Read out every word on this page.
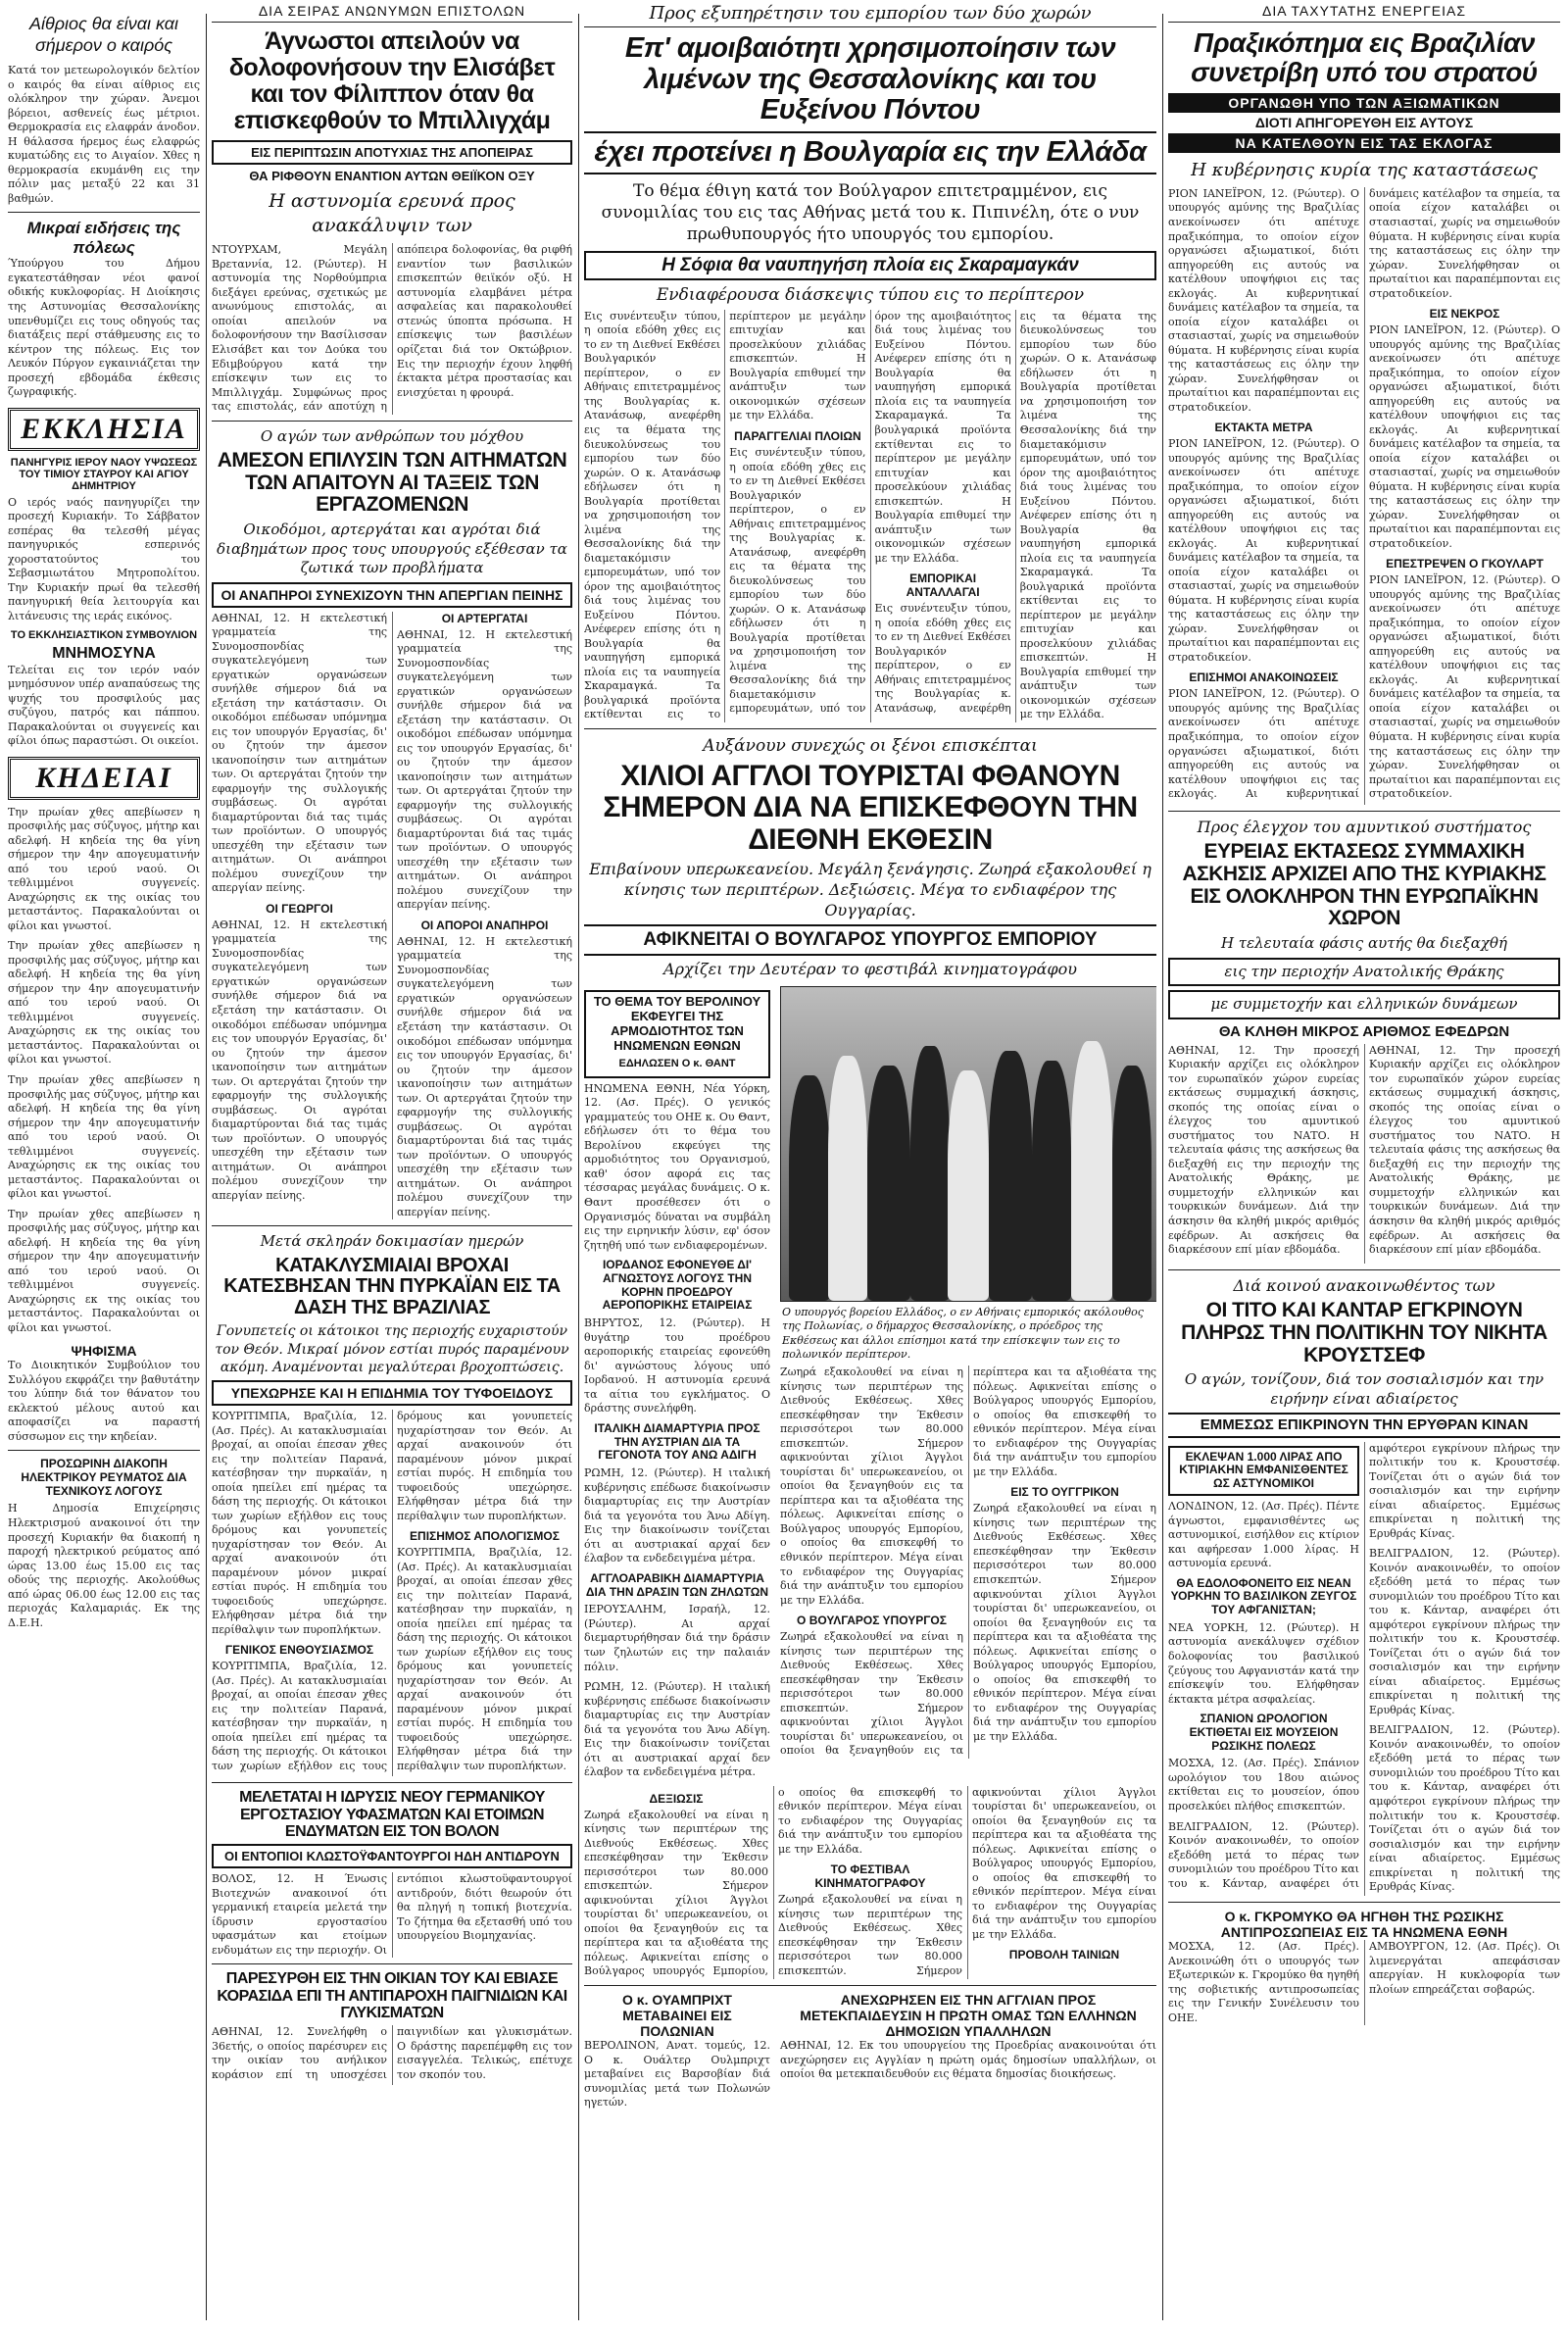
Αίθριος θα είναι και σήμερον ο καιρός
Κατά τον μετεωρολογικόν δελτίον ο καιρός θα είναι αίθριος εις ολόκληρον την χώραν. Άνεμοι βόρειοι, ασθενείς έως μέτριοι. Θερμοκρασία εις ελαφράν άνοδον. Η θάλασσα ήρεμος έως ελαφρώς κυματώδης εις το Αιγαίον. Χθες η θερμοκρασία εκυμάνθη εις την πόλιν μας μεταξύ 22 και 31 βαθμών.
Μικραί ειδήσεις της πόλεως
Ύπούργου του Δήμου εγκατεστάθησαν νέοι φανοί οδικής κυκλοφορίας. Η Διοίκησις της Αστυνομίας Θεσσαλονίκης υπενθυμίζει εις τους οδηγούς τας διατάξεις περί στάθμευσης εις το κέντρον της πόλεως. Εις τον Λευκόν Πύργον εγκαινιάζεται την προσεχή εβδομάδα έκθεσις ζωγραφικής.
ΕΚΚΛΗΣΙΑ
ΠΑΝΗΓΥΡΙΣ ΙΕΡΟΥ ΝΑΟΥ ΥΨΩΣΕΩΣ ΤΟΥ ΤΙΜΙΟΥ ΣΤΑΥΡΟΥ ΚΑΙ ΑΓΙΟΥ ΔΗΜΗΤΡΙΟΥ
Ο ιερός ναός πανηγυρίζει την προσεχή Κυριακήν. Το Σάββατον εσπέρας θα τελεσθή μέγας πανηγυρικός εσπερινός χοροστατούντος του Σεβασμιωτάτου Μητροπολίτου. Την Κυριακήν πρωί θα τελεσθή πανηγυρική θεία λειτουργία και λιτάνευσις της ιεράς εικόνος.
ΤΟ ΕΚΚΛΗΣΙΑΣΤΙΚΟΝ ΣΥΜΒΟΥΛΙΟΝ
ΜΝΗΜΟΣΥΝΑ
Τελείται εις τον ιερόν ναόν μνημόσυνον υπέρ αναπαύσεως της ψυχής του προσφιλούς μας συζύγου, πατρός και πάππου. Παρακαλούνται οι συγγενείς και φίλοι όπως παραστώσι. Οι οικείοι.
ΚΗΔΕΙΑΙ
Την πρωίαν χθες απεβίωσεν η προσφιλής μας σύζυγος, μήτηρ και αδελφή. Η κηδεία της θα γίνη σήμερον την 4ην απογευματινήν από του ιερού ναού. Οι τεθλιμμένοι συγγενείς. Αναχώρησις εκ της οικίας του μεταστάντος. Παρακαλούνται οι φίλοι και γνωστοί.
Την πρωίαν χθες απεβίωσεν η προσφιλής μας σύζυγος, μήτηρ και αδελφή. Η κηδεία της θα γίνη σήμερον την 4ην απογευματινήν από του ιερού ναού. Οι τεθλιμμένοι συγγενείς. Αναχώρησις εκ της οικίας του μεταστάντος. Παρακαλούνται οι φίλοι και γνωστοί.
Την πρωίαν χθες απεβίωσεν η προσφιλής μας σύζυγος, μήτηρ και αδελφή. Η κηδεία της θα γίνη σήμερον την 4ην απογευματινήν από του ιερού ναού. Οι τεθλιμμένοι συγγενείς. Αναχώρησις εκ της οικίας του μεταστάντος. Παρακαλούνται οι φίλοι και γνωστοί.
Την πρωίαν χθες απεβίωσεν η προσφιλής μας σύζυγος, μήτηρ και αδελφή. Η κηδεία της θα γίνη σήμερον την 4ην απογευματινήν από του ιερού ναού. Οι τεθλιμμένοι συγγενείς. Αναχώρησις εκ της οικίας του μεταστάντος. Παρακαλούνται οι φίλοι και γνωστοί.
ΨΗΦΙΣΜΑ
Το Διοικητικόν Συμβούλιον του Συλλόγου εκφράζει την βαθυτάτην του λύπην διά τον θάνατον του εκλεκτού μέλους αυτού και αποφασίζει να παραστή σύσσωμον εις την κηδείαν.
ΠΡΟΣΩΡΙΝΗ ΔΙΑΚΟΠΗ ΗΛΕΚΤΡΙΚΟΥ ΡΕΥΜΑΤΟΣ ΔΙΑ ΤΕΧΝΙΚΟΥΣ ΛΟΓΟΥΣ
Η Δημοσία Επιχείρησις Ηλεκτρισμού ανακοινοί ότι την προσεχή Κυριακήν θα διακοπή η παροχή ηλεκτρικού ρεύματος από ώρας 13.00 έως 15.00 εις τας οδούς της περιοχής. Ακολούθως από ώρας 06.00 έως 12.00 εις τας περιοχάς Καλαμαριάς. Εκ της Δ.Ε.Η.
ΔΙΑ ΣΕΙΡΑΣ ΑΝΩΝΥΜΩΝ ΕΠΙΣΤΟΛΩΝ
Άγνωστοι απειλούν να δολοφονήσουν την Ελισάβετ και τον Φίλιππον όταν θα επισκεφθούν το Μπιλλιγχάμ
ΕΙΣ ΠΕΡΙΠΤΩΣΙΝ ΑΠΟΤΥΧΙΑΣ ΤΗΣ ΑΠΟΠΕΙΡΑΣ
ΘΑ ΡΙΦΘΟΥΝ ΕΝΑΝΤΙΟΝ ΑΥΤΩΝ ΘΕΙΪΚΟΝ ΟΞΥ
Η αστυνομία ερευνά προς ανακάλυψιν των
ΝΤΟΥΡΧΑΜ, Μεγάλη Βρεταννία, 12. (Ρώυτερ). Η αστυνομία της Νορθούμπρια διεξάγει ερεύνας, σχετικώς με ανωνύμους επιστολάς, αι οποίαι απειλούν να δολοφονήσουν την Βασίλισσαν Ελισάβετ και τον Δούκα του Εδιμβούργου κατά την επίσκεψιν των εις το Μπιλλιγχάμ. Συμφώνως προς τας επιστολάς, εάν αποτύχη η απόπειρα δολοφονίας, θα ριφθή εναντίον των βασιλικών επισκεπτών θειϊκόν οξύ. Η αστυνομία ελαμβάνει μέτρα ασφαλείας και παρακολουθεί στενώς ύποπτα πρόσωπα. Η επίσκεψις των βασιλέων ορίζεται διά τον Οκτώβριον. Εις την περιοχήν έχουν ληφθή έκτακτα μέτρα προστασίας και ενισχύεται η φρουρά.
Ο αγών των ανθρώπων του μόχθου
ΑΜΕΣΟΝ ΕΠΙΛΥΣΙΝ ΤΩΝ ΑΙΤΗΜΑΤΩΝ ΤΩΝ ΑΠΑΙΤΟΥΝ ΑΙ ΤΑΞΕΙΣ ΤΩΝ ΕΡΓΑΖΟΜΕΝΩΝ
Οικοδόμοι, αρτεργάται και αγρόται διά διαβημάτων προς τους υπουργούς εξέθεσαν τα ζωτικά των προβλήματα
ΟΙ ΑΝΑΠΗΡΟΙ ΣΥΝΕΧΙΖΟΥΝ ΤΗΝ ΑΠΕΡΓΙΑΝ ΠΕΙΝΗΣ
ΑΘΗΝΑΙ, 12. Η εκτελεστική γραμματεία της Συνομοσπονδίας συγκατελεγόμενη των εργατικών οργανώσεων συνήλθε σήμερον διά να εξετάση την κατάστασιν. Οι οικοδόμοι επέδωσαν υπόμνημα εις τον υπουργόν Εργασίας, δι' ου ζητούν την άμεσον ικανοποίησιν των αιτημάτων των. Οι αρτεργάται ζητούν την εφαρμογήν της συλλογικής συμβάσεως. Οι αγρόται διαμαρτύρονται διά τας τιμάς των προϊόντων. Ο υπουργός υπεσχέθη την εξέτασιν των αιτημάτων. Οι ανάπηροι πολέμου συνεχίζουν την απεργίαν πείνης.
ΟΙ ΓΕΩΡΓΟΙ
ΑΘΗΝΑΙ, 12. Η εκτελεστική γραμματεία της Συνομοσπονδίας συγκατελεγόμενη των εργατικών οργανώσεων συνήλθε σήμερον διά να εξετάση την κατάστασιν. Οι οικοδόμοι επέδωσαν υπόμνημα εις τον υπουργόν Εργασίας, δι' ου ζητούν την άμεσον ικανοποίησιν των αιτημάτων των. Οι αρτεργάται ζητούν την εφαρμογήν της συλλογικής συμβάσεως. Οι αγρόται διαμαρτύρονται διά τας τιμάς των προϊόντων. Ο υπουργός υπεσχέθη την εξέτασιν των αιτημάτων. Οι ανάπηροι πολέμου συνεχίζουν την απεργίαν πείνης.
ΟΙ ΑΡΤΕΡΓΑΤΑΙ
ΑΘΗΝΑΙ, 12. Η εκτελεστική γραμματεία της Συνομοσπονδίας συγκατελεγόμενη των εργατικών οργανώσεων συνήλθε σήμερον διά να εξετάση την κατάστασιν. Οι οικοδόμοι επέδωσαν υπόμνημα εις τον υπουργόν Εργασίας, δι' ου ζητούν την άμεσον ικανοποίησιν των αιτημάτων των. Οι αρτεργάται ζητούν την εφαρμογήν της συλλογικής συμβάσεως. Οι αγρόται διαμαρτύρονται διά τας τιμάς των προϊόντων. Ο υπουργός υπεσχέθη την εξέτασιν των αιτημάτων. Οι ανάπηροι πολέμου συνεχίζουν την απεργίαν πείνης.
ΟΙ ΑΠΟΡΟΙ ΑΝΑΠΗΡΟΙ
ΑΘΗΝΑΙ, 12. Η εκτελεστική γραμματεία της Συνομοσπονδίας συγκατελεγόμενη των εργατικών οργανώσεων συνήλθε σήμερον διά να εξετάση την κατάστασιν. Οι οικοδόμοι επέδωσαν υπόμνημα εις τον υπουργόν Εργασίας, δι' ου ζητούν την άμεσον ικανοποίησιν των αιτημάτων των. Οι αρτεργάται ζητούν την εφαρμογήν της συλλογικής συμβάσεως. Οι αγρόται διαμαρτύρονται διά τας τιμάς των προϊόντων. Ο υπουργός υπεσχέθη την εξέτασιν των αιτημάτων. Οι ανάπηροι πολέμου συνεχίζουν την απεργίαν πείνης.
Μετά σκληράν δοκιμασίαν ημερών
ΚΑΤΑΚΛΥΣΜΙΑΙΑΙ ΒΡΟΧΑΙ ΚΑΤΕΣΒΗΣΑΝ ΤΗΝ ΠΥΡΚΑΪΑΝ ΕΙΣ ΤΑ ΔΑΣΗ ΤΗΣ ΒΡΑΖΙΛΙΑΣ
Γονυπετείς οι κάτοικοι της περιοχής ευχαριστούν τον Θεόν. Μικραί μόνον εστίαι πυρός παραμένουν ακόμη. Αναμένονται μεγαλύτεραι βροχοπτώσεις.
ΥΠΕΧΩΡΗΣΕ ΚΑΙ Η ΕΠΙΔΗΜΙΑ ΤΟΥ ΤΥΦΟΕΙΔΟΥΣ
ΚΟΥΡΙΤΙΜΠΑ, Βραζιλία, 12. (Ασ. Πρές). Αι κατακλυσμιαίαι βροχαί, αι οποίαι έπεσαν χθες εις την πολιτείαν Παρανά, κατέσβησαν την πυρκαϊάν, η οποία ηπείλει επί ημέρας τα δάση της περιοχής. Οι κάτοικοι των χωρίων εξήλθον εις τους δρόμους και γονυπετείς ηυχαρίστησαν τον Θεόν. Αι αρχαί ανακοινούν ότι παραμένουν μόνον μικραί εστίαι πυρός. Η επιδημία του τυφοειδούς υπεχώρησε. Ελήφθησαν μέτρα διά την περίθαλψιν των πυροπλήκτων.
ΓΕΝΙΚΟΣ ΕΝΘΟΥΣΙΑΣΜΟΣ
ΚΟΥΡΙΤΙΜΠΑ, Βραζιλία, 12. (Ασ. Πρές). Αι κατακλυσμιαίαι βροχαί, αι οποίαι έπεσαν χθες εις την πολιτείαν Παρανά, κατέσβησαν την πυρκαϊάν, η οποία ηπείλει επί ημέρας τα δάση της περιοχής. Οι κάτοικοι των χωρίων εξήλθον εις τους δρόμους και γονυπετείς ηυχαρίστησαν τον Θεόν. Αι αρχαί ανακοινούν ότι παραμένουν μόνον μικραί εστίαι πυρός. Η επιδημία του τυφοειδούς υπεχώρησε. Ελήφθησαν μέτρα διά την περίθαλψιν των πυροπλήκτων.
ΕΠΙΣΗΜΟΣ ΑΠΟΛΟΓΙΣΜΟΣ
ΚΟΥΡΙΤΙΜΠΑ, Βραζιλία, 12. (Ασ. Πρές). Αι κατακλυσμιαίαι βροχαί, αι οποίαι έπεσαν χθες εις την πολιτείαν Παρανά, κατέσβησαν την πυρκαϊάν, η οποία ηπείλει επί ημέρας τα δάση της περιοχής. Οι κάτοικοι των χωρίων εξήλθον εις τους δρόμους και γονυπετείς ηυχαρίστησαν τον Θεόν. Αι αρχαί ανακοινούν ότι παραμένουν μόνον μικραί εστίαι πυρός. Η επιδημία του τυφοειδούς υπεχώρησε. Ελήφθησαν μέτρα διά την περίθαλψιν των πυροπλήκτων.
ΜΕΛΕΤΑΤΑΙ Η ΙΔΡΥΣΙΣ ΝΕΟΥ ΓΕΡΜΑΝΙΚΟΥ ΕΡΓΟΣΤΑΣΙΟΥ ΥΦΑΣΜΑΤΩΝ ΚΑΙ ΕΤΟΙΜΩΝ ΕΝΔΥΜΑΤΩΝ ΕΙΣ ΤΟΝ ΒΟΛΟΝ
ΟΙ ΕΝΤΟΠΙΟΙ ΚΛΩΣΤΟΫΦΑΝΤΟΥΡΓΟΙ ΗΔΗ ΑΝΤΙΔΡΟΥΝ
ΒΟΛΟΣ, 12. Η Ένωσις Βιοτεχνών ανακοινοί ότι γερμανική εταιρεία μελετά την ίδρυσιν εργοστασίου υφασμάτων και ετοίμων ενδυμάτων εις την περιοχήν. Οι εντόπιοι κλωστοϋφαντουργοί αντιδρούν, διότι θεωρούν ότι θα πληγή η τοπική βιοτεχνία. Το ζήτημα θα εξετασθή υπό του υπουργείου Βιομηχανίας.
ΠΑΡΕΣΥΡΘΗ ΕΙΣ ΤΗΝ ΟΙΚΙΑΝ ΤΟΥ ΚΑΙ ΕΒΙΑΣΕ ΚΟΡΑΣΙΔΑ ΕΠΙ ΤΗ ΑΝΤΙΠΑΡΟΧΗ ΠΑΙΓΝΙΔΙΩΝ ΚΑΙ ΓΛΥΚΙΣΜΑΤΩΝ
ΑΘΗΝΑΙ, 12. Συνελήφθη ο 36ετής, ο οποίος παρέσυρεν εις την οικίαν του ανήλικον κοράσιον επί τη υποσχέσει παιγνιδίων και γλυκισμάτων. Ο δράστης παρεπέμφθη εις τον εισαγγελέα. Τελικώς, επέτυχε τον σκοπόν του.
Προς εξυπηρέτησιν του εμπορίου των δύο χωρών
Επ' αμοιβαιότητι χρησιμοποίησιν των λιμένων της Θεσσαλονίκης και του Ευξείνου Πόντου
έχει προτείνει η Βουλγαρία εις την Ελλάδα
Το θέμα έθιγη κατά τον Βούλγαρον επιτετραμμένον, εις συνομιλίας του εις τας Αθήνας μετά του κ. Πιπινέλη, ότε ο νυν πρωθυπουργός ήτο υπουργός του εμπορίου.
Η Σόφια θα ναυπηγήση πλοία εις Σκαραμαγκάν
Ενδιαφέρουσα διάσκεψις τύπου εις το περίπτερον
Εις συνέντευξιν τύπου, η οποία εδόθη χθες εις το εν τη Διεθνεί Εκθέσει Βουλγαρικόν περίπτερον, ο εν Αθήναις επιτετραμμένος της Βουλγαρίας κ. Ατανάσωφ, ανεφέρθη εις τα θέματα της διευκολύνσεως του εμπορίου των δύο χωρών. Ο κ. Ατανάσωφ εδήλωσεν ότι η Βουλγαρία προτίθεται να χρησιμοποιήση τον λιμένα της Θεσσαλονίκης διά την διαμετακόμισιν εμπορευμάτων, υπό τον όρον της αμοιβαιότητος διά τους λιμένας του Ευξείνου Πόντου. Ανέφερεν επίσης ότι η Βουλγαρία θα ναυπηγήση εμπορικά πλοία εις τα ναυπηγεία Σκαραμαγκά. Τα βουλγαρικά προϊόντα εκτίθενται εις το περίπτερον με μεγάλην επιτυχίαν και προσελκύουν χιλιάδας επισκεπτών. Η Βουλγαρία επιθυμεί την ανάπτυξιν των οικονομικών σχέσεων με την Ελλάδα.
ΠΑΡΑΓΓΕΛΙΑΙ ΠΛΟΙΩΝ
Εις συνέντευξιν τύπου, η οποία εδόθη χθες εις το εν τη Διεθνεί Εκθέσει Βουλγαρικόν περίπτερον, ο εν Αθήναις επιτετραμμένος της Βουλγαρίας κ. Ατανάσωφ, ανεφέρθη εις τα θέματα της διευκολύνσεως του εμπορίου των δύο χωρών. Ο κ. Ατανάσωφ εδήλωσεν ότι η Βουλγαρία προτίθεται να χρησιμοποιήση τον λιμένα της Θεσσαλονίκης διά την διαμετακόμισιν εμπορευμάτων, υπό τον όρον της αμοιβαιότητος διά τους λιμένας του Ευξείνου Πόντου. Ανέφερεν επίσης ότι η Βουλγαρία θα ναυπηγήση εμπορικά πλοία εις τα ναυπηγεία Σκαραμαγκά. Τα βουλγαρικά προϊόντα εκτίθενται εις το περίπτερον με μεγάλην επιτυχίαν και προσελκύουν χιλιάδας επισκεπτών. Η Βουλγαρία επιθυμεί την ανάπτυξιν των οικονομικών σχέσεων με την Ελλάδα.
ΕΜΠΟΡΙΚΑΙ ΑΝΤΑΛΛΑΓΑΙ
Εις συνέντευξιν τύπου, η οποία εδόθη χθες εις το εν τη Διεθνεί Εκθέσει Βουλγαρικόν περίπτερον, ο εν Αθήναις επιτετραμμένος της Βουλγαρίας κ. Ατανάσωφ, ανεφέρθη εις τα θέματα της διευκολύνσεως του εμπορίου των δύο χωρών. Ο κ. Ατανάσωφ εδήλωσεν ότι η Βουλγαρία προτίθεται να χρησιμοποιήση τον λιμένα της Θεσσαλονίκης διά την διαμετακόμισιν εμπορευμάτων, υπό τον όρον της αμοιβαιότητος διά τους λιμένας του Ευξείνου Πόντου. Ανέφερεν επίσης ότι η Βουλγαρία θα ναυπηγήση εμπορικά πλοία εις τα ναυπηγεία Σκαραμαγκά. Τα βουλγαρικά προϊόντα εκτίθενται εις το περίπτερον με μεγάλην επιτυχίαν και προσελκύουν χιλιάδας επισκεπτών. Η Βουλγαρία επιθυμεί την ανάπτυξιν των οικονομικών σχέσεων με την Ελλάδα.
Αυξάνουν συνεχώς οι ξένοι επισκέπται
ΧΙΛΙΟΙ ΑΓΓΛΟΙ ΤΟΥΡΙΣΤΑΙ ΦΘΑΝΟΥΝ ΣΗΜΕΡΟΝ ΔΙΑ ΝΑ ΕΠΙΣΚΕΦΘΟΥΝ ΤΗΝ ΔΙΕΘΝΗ ΕΚΘΕΣΙΝ
Επιβαίνουν υπερωκεανείου. Μεγάλη ξενάγησις. Ζωηρά εξακολουθεί η κίνησις των περιπτέρων. Δεξιώσεις. Μέγα το ενδιαφέρον της Ουγγαρίας.
ΑΦΙΚΝΕΙΤΑΙ Ο ΒΟΥΛΓΑΡΟΣ ΥΠΟΥΡΓΟΣ ΕΜΠΟΡΙΟΥ
Αρχίζει την Δευτέραν το φεστιβάλ κινηματογράφου
ΤΟ ΘΕΜΑ ΤΟΥ ΒΕΡΟΛΙΝΟΥ ΕΚΦΕΥΓΕΙ ΤΗΣ ΑΡΜΟΔΙΟΤΗΤΟΣ ΤΩΝ ΗΝΩΜΕΝΩΝ ΕΘΝΩΝ
ΕΔΗΛΩΣΕΝ Ο κ. ΘΑΝΤ
ΗΝΩΜΕΝΑ ΕΘΝΗ, Νέα Υόρκη, 12. (Ασ. Πρές). Ο γενικός γραμματεύς του ΟΗΕ κ. Ου Θαντ, εδήλωσεν ότι το θέμα του Βερολίνου εκφεύγει της αρμοδιότητος του Οργανισμού, καθ' όσον αφορά εις τας τέσσαρας μεγάλας δυνάμεις. Ο κ. Θαντ προσέθεσεν ότι ο Οργανισμός δύναται να συμβάλη εις την ειρηνικήν λύσιν, εφ' όσον ζητηθή υπό των ενδιαφερομένων.
ΙΟΡΔΑΝΟΣ ΕΦΟΝΕΥΘΕ ΔΙ' ΑΓΝΩΣΤΟΥΣ ΛΟΓΟΥΣ ΤΗΝ ΚΟΡΗΝ ΠΡΟΕΔΡΟΥ ΑΕΡΟΠΟΡΙΚΗΣ ΕΤΑΙΡΕΙΑΣ
ΒΗΡΥΤΟΣ, 12. (Ρώυτερ). Η θυγάτηρ του προέδρου αεροπορικής εταιρείας εφονεύθη δι' αγνώστους λόγους υπό Ιορδανού. Η αστυνομία ερευνά τα αίτια του εγκλήματος. Ο δράστης συνελήφθη.
ΙΤΑΛΙΚΗ ΔΙΑΜΑΡΤΥΡΙΑ ΠΡΟΣ ΤΗΝ ΑΥΣΤΡΙΑΝ ΔΙΑ ΤΑ ΓΕΓΟΝΟΤΑ ΤΟΥ ΑΝΩ ΑΔΙΓΗ
ΡΩΜΗ, 12. (Ρώυτερ). Η ιταλική κυβέρνησις επέδωσε διακοίνωσιν διαμαρτυρίας εις την Αυστρίαν διά τα γεγονότα του Άνω Αδίγη. Εις την διακοίνωσιν τονίζεται ότι αι αυστριακαί αρχαί δεν έλαβον τα ενδεδειγμένα μέτρα.
ΑΓΓΛΟΑΡΑΒΙΚΗ ΔΙΑΜΑΡΤΥΡΙΑ ΔΙΑ ΤΗΝ ΔΡΑΣΙΝ ΤΩΝ ΖΗΛΩΤΩΝ
ΙΕΡΟΥΣΑΛΗΜ, Ισραήλ, 12. (Ρώυτερ). Αι αρχαί διεμαρτυρήθησαν διά την δράσιν των ζηλωτών εις την παλαιάν πόλιν.
ΡΩΜΗ, 12. (Ρώυτερ). Η ιταλική κυβέρνησις επέδωσε διακοίνωσιν διαμαρτυρίας εις την Αυστρίαν διά τα γεγονότα του Άνω Αδίγη. Εις την διακοίνωσιν τονίζεται ότι αι αυστριακαί αρχαί δεν έλαβον τα ενδεδειγμένα μέτρα.
Ο υπουργός βορείου Ελλάδος, ο εν Αθήναις εμπορικός ακόλουθος της Πολωνίας, ο δήμαρχος Θεσσαλονίκης, ο πρόεδρος της Εκθέσεως και άλλοι επίσημοι κατά την επίσκεψιν των εις το πολωνικόν περίπτερον.
Ζωηρά εξακολουθεί να είναι η κίνησις των περιπτέρων της Διεθνούς Εκθέσεως. Χθες επεσκέφθησαν την Έκθεσιν περισσότεροι των 80.000 επισκεπτών. Σήμερον αφικνούνται χίλιοι Άγγλοι τουρίσται δι' υπερωκεανείου, οι οποίοι θα ξεναγηθούν εις τα περίπτερα και τα αξιοθέατα της πόλεως. Αφικνείται επίσης ο Βούλγαρος υπουργός Εμπορίου, ο οποίος θα επισκεφθή το εθνικόν περίπτερον. Μέγα είναι το ενδιαφέρον της Ουγγαρίας διά την ανάπτυξιν του εμπορίου με την Ελλάδα.
Ο ΒΟΥΛΓΑΡΟΣ ΥΠΟΥΡΓΟΣ
Ζωηρά εξακολουθεί να είναι η κίνησις των περιπτέρων της Διεθνούς Εκθέσεως. Χθες επεσκέφθησαν την Έκθεσιν περισσότεροι των 80.000 επισκεπτών. Σήμερον αφικνούνται χίλιοι Άγγλοι τουρίσται δι' υπερωκεανείου, οι οποίοι θα ξεναγηθούν εις τα περίπτερα και τα αξιοθέατα της πόλεως. Αφικνείται επίσης ο Βούλγαρος υπουργός Εμπορίου, ο οποίος θα επισκεφθή το εθνικόν περίπτερον. Μέγα είναι το ενδιαφέρον της Ουγγαρίας διά την ανάπτυξιν του εμπορίου με την Ελλάδα.
ΕΙΣ ΤΟ ΟΥΓΓΡΙΚΟΝ
Ζωηρά εξακολουθεί να είναι η κίνησις των περιπτέρων της Διεθνούς Εκθέσεως. Χθες επεσκέφθησαν την Έκθεσιν περισσότεροι των 80.000 επισκεπτών. Σήμερον αφικνούνται χίλιοι Άγγλοι τουρίσται δι' υπερωκεανείου, οι οποίοι θα ξεναγηθούν εις τα περίπτερα και τα αξιοθέατα της πόλεως. Αφικνείται επίσης ο Βούλγαρος υπουργός Εμπορίου, ο οποίος θα επισκεφθή το εθνικόν περίπτερον. Μέγα είναι το ενδιαφέρον της Ουγγαρίας διά την ανάπτυξιν του εμπορίου με την Ελλάδα.
ΔΕΞΙΩΣΙΣ
Ζωηρά εξακολουθεί να είναι η κίνησις των περιπτέρων της Διεθνούς Εκθέσεως. Χθες επεσκέφθησαν την Έκθεσιν περισσότεροι των 80.000 επισκεπτών. Σήμερον αφικνούνται χίλιοι Άγγλοι τουρίσται δι' υπερωκεανείου, οι οποίοι θα ξεναγηθούν εις τα περίπτερα και τα αξιοθέατα της πόλεως. Αφικνείται επίσης ο Βούλγαρος υπουργός Εμπορίου, ο οποίος θα επισκεφθή το εθνικόν περίπτερον. Μέγα είναι το ενδιαφέρον της Ουγγαρίας διά την ανάπτυξιν του εμπορίου με την Ελλάδα.
ΤΟ ΦΕΣΤΙΒΑΛ ΚΙΝΗΜΑΤΟΓΡΑΦΟΥ
Ζωηρά εξακολουθεί να είναι η κίνησις των περιπτέρων της Διεθνούς Εκθέσεως. Χθες επεσκέφθησαν την Έκθεσιν περισσότεροι των 80.000 επισκεπτών. Σήμερον αφικνούνται χίλιοι Άγγλοι τουρίσται δι' υπερωκεανείου, οι οποίοι θα ξεναγηθούν εις τα περίπτερα και τα αξιοθέατα της πόλεως. Αφικνείται επίσης ο Βούλγαρος υπουργός Εμπορίου, ο οποίος θα επισκεφθή το εθνικόν περίπτερον. Μέγα είναι το ενδιαφέρον της Ουγγαρίας διά την ανάπτυξιν του εμπορίου με την Ελλάδα.
ΠΡΟΒΟΛΗ ΤΑΙΝΙΩΝ
Ο κ. ΟΥΑΜΠΡΙΧΤ ΜΕΤΑΒΑΙΝΕΙ ΕΙΣ ΠΟΛΩΝΙΑΝ
ΒΕΡΟΛΙΝΟΝ, Ανατ. τομεύς, 12. Ο κ. Ουάλτερ Ουλμπριχτ μεταβαίνει εις Βαρσοβίαν διά συνομιλίας μετά των Πολωνών ηγετών.
ΑΝΕΧΩΡΗΣΕΝ ΕΙΣ ΤΗΝ ΑΓΓΛΙΑΝ ΠΡΟΣ ΜΕΤΕΚΠΑΙΔΕΥΣΙΝ Η ΠΡΩΤΗ ΟΜΑΣ ΤΩΝ ΕΛΛΗΝΩΝ ΔΗΜΟΣΙΩΝ ΥΠΑΛΛΗΛΩΝ
ΑΘΗΝΑΙ, 12. Εκ του υπουργείου της Προεδρίας ανακοινούται ότι ανεχώρησεν εις Αγγλίαν η πρώτη ομάς δημοσίων υπαλλήλων, οι οποίοι θα μετεκπαιδευθούν εις θέματα δημοσίας διοικήσεως.
ΔΙΑ ΤΑΧΥΤΑΤΗΣ ΕΝΕΡΓΕΙΑΣ
Πραξικόπημα εις Βραζιλίαν συνετρίβη υπό του στρατού
ΟΡΓΑΝΩΘΗ ΥΠΟ ΤΩΝ ΑΞΙΩΜΑΤΙΚΩΝ
ΔΙΟΤΙ ΑΠΗΓΟΡΕΥΘΗ ΕΙΣ ΑΥΤΟΥΣ
ΝΑ ΚΑΤΕΛΘΟΥΝ ΕΙΣ ΤΑΣ ΕΚΛΟΓΑΣ
Η κυβέρνησις κυρία της καταστάσεως
ΡΙΟΝ ΙΑΝΕΪΡΟΝ, 12. (Ρώυτερ). Ο υπουργός αμύνης της Βραζιλίας ανεκοίνωσεν ότι απέτυχε πραξικόπημα, το οποίον είχον οργανώσει αξιωματικοί, διότι απηγορεύθη εις αυτούς να κατέλθουν υποψήφιοι εις τας εκλογάς. Αι κυβερνητικαί δυνάμεις κατέλαβον τα σημεία, τα οποία είχον καταλάβει οι στασιασταί, χωρίς να σημειωθούν θύματα. Η κυβέρνησις είναι κυρία της καταστάσεως εις όλην την χώραν. Συνελήφθησαν οι πρωταίτιοι και παραπέμπονται εις στρατοδικείον.
ΕΚΤΑΚΤΑ ΜΕΤΡΑ
ΡΙΟΝ ΙΑΝΕΪΡΟΝ, 12. (Ρώυτερ). Ο υπουργός αμύνης της Βραζιλίας ανεκοίνωσεν ότι απέτυχε πραξικόπημα, το οποίον είχον οργανώσει αξιωματικοί, διότι απηγορεύθη εις αυτούς να κατέλθουν υποψήφιοι εις τας εκλογάς. Αι κυβερνητικαί δυνάμεις κατέλαβον τα σημεία, τα οποία είχον καταλάβει οι στασιασταί, χωρίς να σημειωθούν θύματα. Η κυβέρνησις είναι κυρία της καταστάσεως εις όλην την χώραν. Συνελήφθησαν οι πρωταίτιοι και παραπέμπονται εις στρατοδικείον.
ΕΠΙΣΗΜΟΙ ΑΝΑΚΟΙΝΩΣΕΙΣ
ΡΙΟΝ ΙΑΝΕΪΡΟΝ, 12. (Ρώυτερ). Ο υπουργός αμύνης της Βραζιλίας ανεκοίνωσεν ότι απέτυχε πραξικόπημα, το οποίον είχον οργανώσει αξιωματικοί, διότι απηγορεύθη εις αυτούς να κατέλθουν υποψήφιοι εις τας εκλογάς. Αι κυβερνητικαί δυνάμεις κατέλαβον τα σημεία, τα οποία είχον καταλάβει οι στασιασταί, χωρίς να σημειωθούν θύματα. Η κυβέρνησις είναι κυρία της καταστάσεως εις όλην την χώραν. Συνελήφθησαν οι πρωταίτιοι και παραπέμπονται εις στρατοδικείον.
ΕΙΣ ΝΕΚΡΟΣ
ΡΙΟΝ ΙΑΝΕΪΡΟΝ, 12. (Ρώυτερ). Ο υπουργός αμύνης της Βραζιλίας ανεκοίνωσεν ότι απέτυχε πραξικόπημα, το οποίον είχον οργανώσει αξιωματικοί, διότι απηγορεύθη εις αυτούς να κατέλθουν υποψήφιοι εις τας εκλογάς. Αι κυβερνητικαί δυνάμεις κατέλαβον τα σημεία, τα οποία είχον καταλάβει οι στασιασταί, χωρίς να σημειωθούν θύματα. Η κυβέρνησις είναι κυρία της καταστάσεως εις όλην την χώραν. Συνελήφθησαν οι πρωταίτιοι και παραπέμπονται εις στρατοδικείον.
ΕΠΕΣΤΡΕΨΕΝ Ο ΓΚΟΥΛΑΡΤ
ΡΙΟΝ ΙΑΝΕΪΡΟΝ, 12. (Ρώυτερ). Ο υπουργός αμύνης της Βραζιλίας ανεκοίνωσεν ότι απέτυχε πραξικόπημα, το οποίον είχον οργανώσει αξιωματικοί, διότι απηγορεύθη εις αυτούς να κατέλθουν υποψήφιοι εις τας εκλογάς. Αι κυβερνητικαί δυνάμεις κατέλαβον τα σημεία, τα οποία είχον καταλάβει οι στασιασταί, χωρίς να σημειωθούν θύματα. Η κυβέρνησις είναι κυρία της καταστάσεως εις όλην την χώραν. Συνελήφθησαν οι πρωταίτιοι και παραπέμπονται εις στρατοδικείον.
Προς έλεγχον του αμυντικού συστήματος
ΕΥΡΕΙΑΣ ΕΚΤΑΣΕΩΣ ΣΥΜΜΑΧΙΚΗ ΑΣΚΗΣΙΣ ΑΡΧΙΖΕΙ ΑΠΟ ΤΗΣ ΚΥΡΙΑΚΗΣ ΕΙΣ ΟΛΟΚΛΗΡΟΝ ΤΗΝ ΕΥΡΩΠΑΪΚΗΝ ΧΩΡΟΝ
Η τελευταία φάσις αυτής θα διεξαχθή
εις την περιοχήν Ανατολικής Θράκης
με συμμετοχήν και ελληνικών δυνάμεων
ΘΑ ΚΛΗΘΗ ΜΙΚΡΟΣ ΑΡΙΘΜΟΣ ΕΦΕΔΡΩΝ
ΑΘΗΝΑΙ, 12. Την προσεχή Κυριακήν αρχίζει εις ολόκληρον τον ευρωπαϊκόν χώρον ευρείας εκτάσεως συμμαχική άσκησις, σκοπός της οποίας είναι ο έλεγχος του αμυντικού συστήματος του ΝΑΤΟ. Η τελευταία φάσις της ασκήσεως θα διεξαχθή εις την περιοχήν της Ανατολικής Θράκης, με συμμετοχήν ελληνικών και τουρκικών δυνάμεων. Διά την άσκησιν θα κληθή μικρός αριθμός εφέδρων. Αι ασκήσεις θα διαρκέσουν επί μίαν εβδομάδα.
ΑΘΗΝΑΙ, 12. Την προσεχή Κυριακήν αρχίζει εις ολόκληρον τον ευρωπαϊκόν χώρον ευρείας εκτάσεως συμμαχική άσκησις, σκοπός της οποίας είναι ο έλεγχος του αμυντικού συστήματος του ΝΑΤΟ. Η τελευταία φάσις της ασκήσεως θα διεξαχθή εις την περιοχήν της Ανατολικής Θράκης, με συμμετοχήν ελληνικών και τουρκικών δυνάμεων. Διά την άσκησιν θα κληθή μικρός αριθμός εφέδρων. Αι ασκήσεις θα διαρκέσουν επί μίαν εβδομάδα.
Διά κοινού ανακοινωθέντος των
ΟΙ ΤΙΤΟ ΚΑΙ ΚΑΝΤΑΡ ΕΓΚΡΙΝΟΥΝ ΠΛΗΡΩΣ ΤΗΝ ΠΟΛΙΤΙΚΗΝ ΤΟΥ ΝΙΚΗΤΑ ΚΡΟΥΣΤΣΕΦ
Ο αγών, τονίζουν, διά τον σοσιαλισμόν και την ειρήνην είναι αδιαίρετος
ΕΜΜΕΣΩΣ ΕΠΙΚΡΙΝΟΥΝ ΤΗΝ ΕΡΥΘΡΑΝ ΚΙΝΑΝ
ΕΚΛΕΨΑΝ 1.000 ΛΙΡΑΣ ΑΠΟ ΚΤΙΡΙΑΚΗΝ ΕΜΦΑΝΙΣΘΕΝΤΕΣ ΩΣ ΑΣΤΥΝΟΜΙΚΟΙ
ΛΟΝΔΙΝΟΝ, 12. (Ασ. Πρές). Πέντε άγνωστοι, εμφανισθέντες ως αστυνομικοί, εισήλθον εις κτίριον και αφήρεσαν 1.000 λίρας. Η αστυνομία ερευνά.
ΘΑ ΕΔΟΛΟΦΟΝΕΙΤΟ ΕΙΣ ΝΕΑΝ ΥΟΡΚΗΝ ΤΟ ΒΑΣΙΛΙΚΟΝ ΖΕΥΓΟΣ ΤΟΥ ΑΦΓΑΝΙΣΤΑΝ;
ΝΕΑ ΥΟΡΚΗ, 12. (Ρώυτερ). Η αστυνομία ανεκάλυψεν σχέδιον δολοφονίας του βασιλικού ζεύγους του Αφγανιστάν κατά την επίσκεψίν του. Ελήφθησαν έκτακτα μέτρα ασφαλείας.
ΣΠΑΝΙΟΝ ΩΡΟΛΟΓΙΟΝ ΕΚΤΙΘΕΤΑΙ ΕΙΣ ΜΟΥΣΕΙΟΝ ΡΩΣΙΚΗΣ ΠΟΛΕΩΣ
ΜΟΣΧΑ, 12. (Ασ. Πρές). Σπάνιον ωρολόγιον του 18ου αιώνος εκτίθεται εις το μουσείον, όπου προσελκύει πλήθος επισκεπτών.
ΒΕΛΙΓΡΑΔΙΟΝ, 12. (Ρώυτερ). Κοινόν ανακοινωθέν, το οποίον εξεδόθη μετά το πέρας των συνομιλιών του προέδρου Τίτο και του κ. Κάνταρ, αναφέρει ότι αμφότεροι εγκρίνουν πλήρως την πολιτικήν του κ. Κρουστσέφ. Τονίζεται ότι ο αγών διά τον σοσιαλισμόν και την ειρήνην είναι αδιαίρετος. Εμμέσως επικρίνεται η πολιτική της Ερυθράς Κίνας.
ΒΕΛΙΓΡΑΔΙΟΝ, 12. (Ρώυτερ). Κοινόν ανακοινωθέν, το οποίον εξεδόθη μετά το πέρας των συνομιλιών του προέδρου Τίτο και του κ. Κάνταρ, αναφέρει ότι αμφότεροι εγκρίνουν πλήρως την πολιτικήν του κ. Κρουστσέφ. Τονίζεται ότι ο αγών διά τον σοσιαλισμόν και την ειρήνην είναι αδιαίρετος. Εμμέσως επικρίνεται η πολιτική της Ερυθράς Κίνας.
ΒΕΛΙΓΡΑΔΙΟΝ, 12. (Ρώυτερ). Κοινόν ανακοινωθέν, το οποίον εξεδόθη μετά το πέρας των συνομιλιών του προέδρου Τίτο και του κ. Κάνταρ, αναφέρει ότι αμφότεροι εγκρίνουν πλήρως την πολιτικήν του κ. Κρουστσέφ. Τονίζεται ότι ο αγών διά τον σοσιαλισμόν και την ειρήνην είναι αδιαίρετος. Εμμέσως επικρίνεται η πολιτική της Ερυθράς Κίνας.
Ο κ. ΓΚΡΟΜΥΚΟ ΘΑ ΗΓΗΘΗ ΤΗΣ ΡΩΣΙΚΗΣ ΑΝΤΙΠΡΟΣΩΠΕΙΑΣ ΕΙΣ ΤΑ ΗΝΩΜΕΝΑ ΕΘΝΗ
ΜΟΣΧΑ, 12. (Ασ. Πρές). Ανεκοινώθη ότι ο υπουργός των Εξωτερικών κ. Γκρομύκο θα ηγηθή της σοβιετικής αντιπροσωπείας εις την Γενικήν Συνέλευσιν του ΟΗΕ.
ΑΜΒΟΥΡΓΟΝ, 12. (Ασ. Πρές). Οι λιμενεργάται απεφάσισαν απεργίαν. Η κυκλοφορία των πλοίων επηρεάζεται σοβαρώς.
